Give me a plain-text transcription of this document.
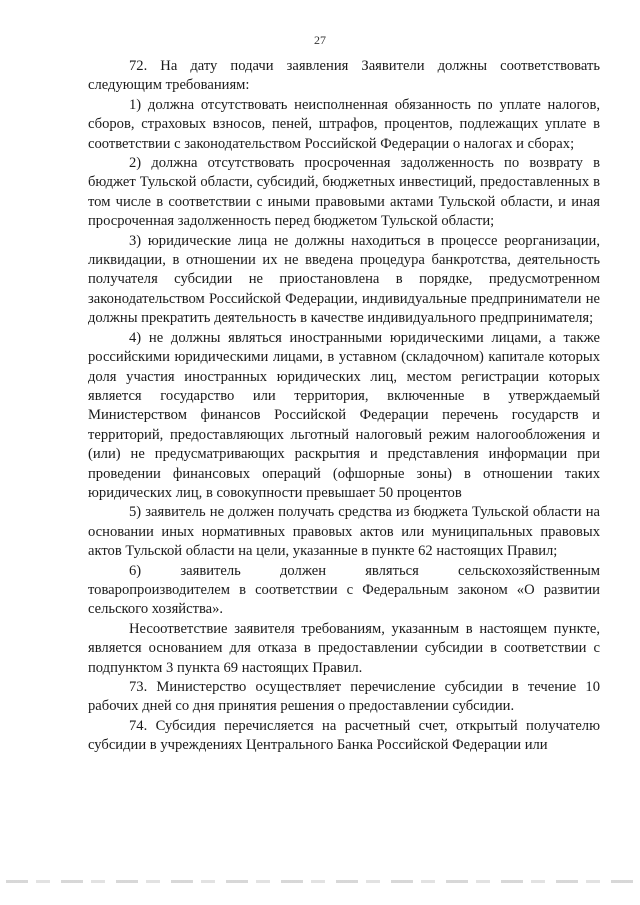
27

72. На дату подачи заявления Заявители должны соответствовать следующим требованиям:

1) должна отсутствовать неисполненная обязанность по уплате налогов, сборов, страховых взносов, пеней, штрафов, процентов, подлежащих уплате в соответствии с законодательством Российской Федерации о налогах и сборах;

2) должна отсутствовать просроченная задолженность по возврату в бюджет Тульской области, субсидий, бюджетных инвестиций, предоставленных в том числе в соответствии с иными правовыми актами Тульской области, и иная просроченная задолженность перед бюджетом Тульской области;

3) юридические лица не должны находиться в процессе реорганизации, ликвидации, в отношении их не введена процедура банкротства, деятельность получателя субсидии не приостановлена в порядке, предусмотренном законодательством Российской Федерации, индивидуальные предприниматели не должны прекратить деятельность в качестве индивидуального предпринимателя;

4) не должны являться иностранными юридическими лицами, а также российскими юридическими лицами, в уставном (складочном) капитале которых доля участия иностранных юридических лиц, местом регистрации которых является государство или территория, включенные в утверждаемый Министерством финансов Российской Федерации перечень государств и территорий, предоставляющих льготный налоговый режим налогообложения и (или) не предусматривающих раскрытия и представления информации при проведении финансовых операций (офшорные зоны) в отношении таких юридических лиц, в совокупности превышает 50 процентов

5) заявитель не должен получать средства из бюджета Тульской области на основании иных нормативных правовых актов или муниципальных правовых актов Тульской области на цели, указанные в пункте 62 настоящих Правил;

6) заявитель должен являться сельскохозяйственным товаропроизводителем в соответствии с Федеральным законом «О развитии сельского хозяйства».

Несоответствие заявителя требованиям, указанным в настоящем пункте, является основанием для отказа в предоставлении субсидии в соответствии с подпунктом 3 пункта 69 настоящих Правил.

73. Министерство осуществляет перечисление субсидии в течение 10 рабочих дней со дня принятия решения о предоставлении субсидии.

74. Субсидия перечисляется на расчетный счет, открытый получателю субсидии в учреждениях Центрального Банка Российской Федерации или
